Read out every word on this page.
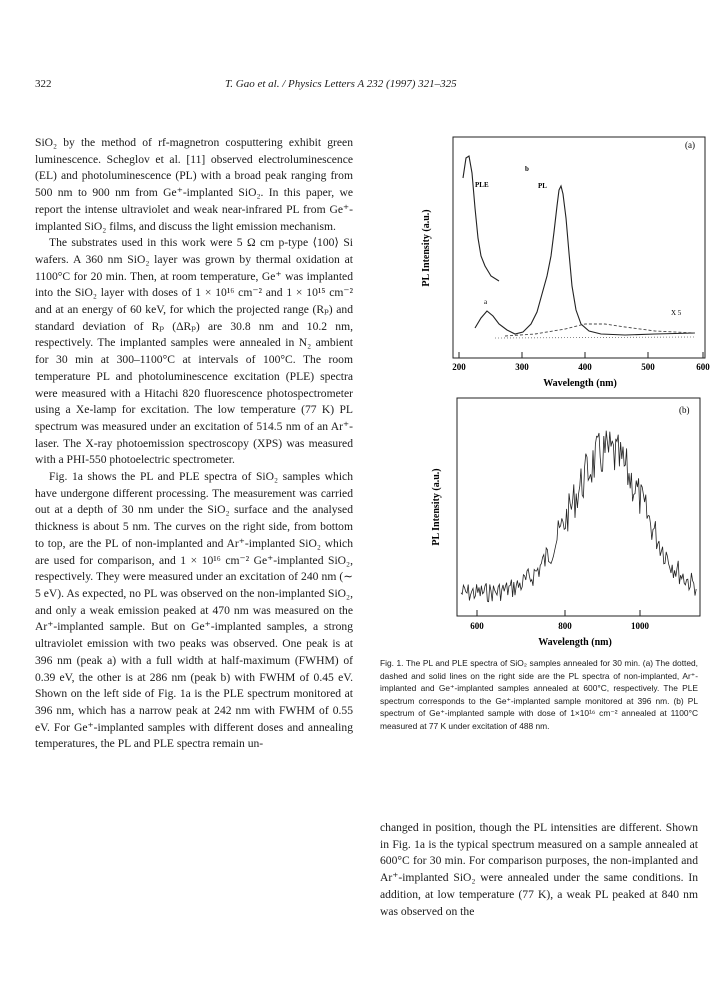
322	T. Gao et al. / Physics Letters A 232 (1997) 321–325

SiO₂ by the method of rf-magnetron cosputtering exhibit green luminescence. Scheglov et al. [11] observed electroluminescence (EL) and photoluminescence (PL) with a broad peak ranging from 500 nm to 900 nm from Ge⁺-implanted SiO₂. In this paper, we report the intense ultraviolet and weak near-infrared PL from Ge⁺-implanted SiO₂ films, and discuss the light emission mechanism.

The substrates used in this work were 5 Ω cm p-type ⟨100⟩ Si wafers. A 360 nm SiO₂ layer was grown by thermal oxidation at 1100°C for 20 min. Then, at room temperature, Ge⁺ was implanted into the SiO₂ layer with doses of 1 × 10¹⁶ cm⁻² and 1 × 10¹⁵ cm⁻² and at an energy of 60 keV, for which the projected range (Rₚ) and standard deviation of Rₚ (ΔRₚ) are 30.8 nm and 10.2 nm, respectively. The implanted samples were annealed in N₂ ambient for 30 min at 300–1100°C at intervals of 100°C. The room temperature PL and photoluminescence excitation (PLE) spectra were measured with a Hitachi 820 fluorescence photospectrometer using a Xe-lamp for excitation. The low temperature (77 K) PL spectrum was measured under an excitation of 514.5 nm of an Ar⁺-laser. The X-ray photoemission spectroscopy (XPS) was measured with a PHI-550 photoelectric spectrometer.

Fig. 1a shows the PL and PLE spectra of SiO₂ samples which have undergone different processing. The measurement was carried out at a depth of 30 nm under the SiO₂ surface and the analysed thickness is about 5 nm. The curves on the right side, from bottom to top, are the PL of non-implanted and Ar⁺-implanted SiO₂ which are used for comparison, and 1 × 10¹⁶ cm⁻² Ge⁺-implanted SiO₂, respectively. They were measured under an excitation of 240 nm (∼ 5 eV). As expected, no PL was observed on the non-implanted SiO₂, and only a weak emission peaked at 470 nm was measured on the Ar⁺-implanted sample. But on Ge⁺-implanted samples, a strong ultraviolet emission with two peaks was observed. One peak is at 396 nm (peak a) with a full width at half-maximum (FWHM) of 0.39 eV, the other is at 286 nm (peak b) with FWHM of 0.45 eV. Shown on the left side of Fig. 1a is the PLE spectrum monitored at 396 nm, which has a narrow peak at 242 nm with FWHM of 0.55 eV. For Ge⁺-implanted samples with different doses and annealing temperatures, the PL and PLE spectra remain un-

changed in position, though the PL intensities are different. Shown in Fig. 1a is the typical spectrum measured on a sample annealed at 600°C for 30 min. For comparison purposes, the non-implanted and Ar⁺-implanted SiO₂ were annealed under the same conditions. In addition, at low temperature (77 K), a weak PL peaked at 840 nm was observed on the

(a)
PL Intensity (a.u.)
200	300	400	500	600
Wavelength (nm)
PLE	PL
b
a
X 5
(b)
PL Intensity (a.u.)
600	800	1000
Wavelength (nm)
Fig. 1. The PL and PLE spectra of SiO₂ samples annealed for 30 min. (a) The dotted, dashed and solid lines on the right side are the PL spectra of non-implanted, Ar⁺-implanted and Ge⁺-implanted samples annealed at 600°C, respectively. The PLE spectrum corresponds to the Ge⁺-implanted sample monitored at 396 nm. (b) PL spectrum of Ge⁺-implanted sample with dose of 1×10¹⁶ cm⁻² annealed at 1100°C measured at 77 K under excitation of 488 nm.
